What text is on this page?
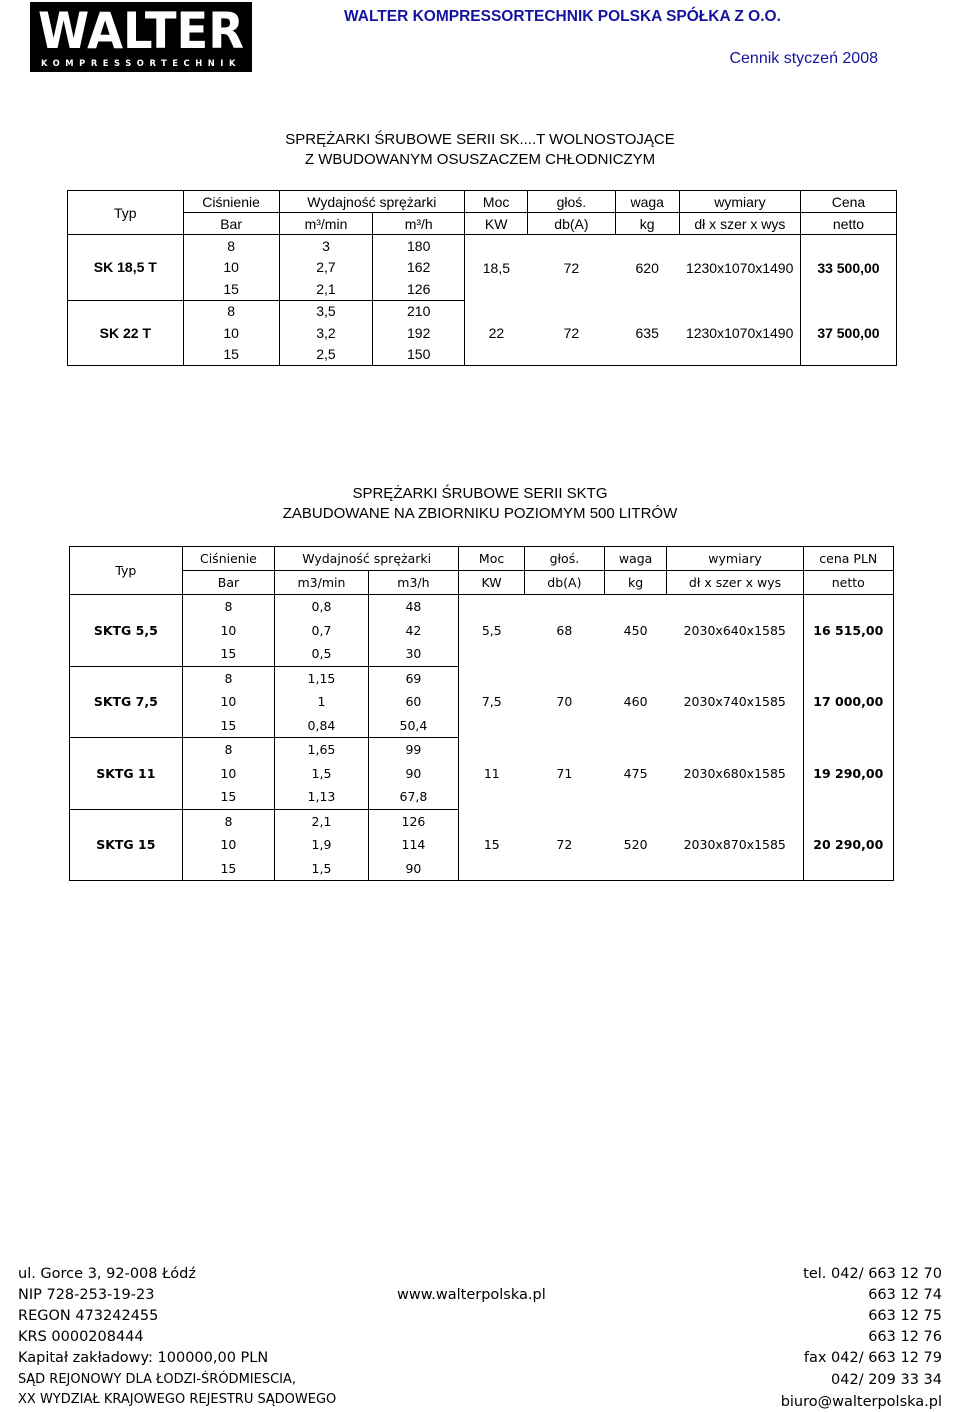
WALTER
KOMPRESSORTECHNIK
WALTER KOMPRESSORTECHNIK POLSKA SPÓŁKA Z O.O.
Cennik styczeń 2008
SPRĘŻARKI ŚRUBOWE SERII SK....T WOLNOSTOJĄCE
Z WBUDOWANYM OSUSZACZEM CHŁODNICZYM
Typ	Ciśnienie	Wydajność sprężarki		Moc	głoś.	waga	wymiary	Cena
	Bar	m³/min	m³/h	KW	db(A)	kg	dł x szer x wys	netto
SK 18,5 T	8	3	180	18,5	72	620	1230x1070x1490	33 500,00
	10	2,7	162					
	15	2,1	126					
SK 22 T	8	3,5	210	22	72	635	1230x1070x1490	37 500,00
	10	3,2	192					
	15	2,5	150					
SPRĘŻARKI ŚRUBOWE SERII SKTG
ZABUDOWANE NA ZBIORNIKU POZIOMYM 500 LITRÓW
Typ	Ciśnienie	Wydajność sprężarki		Moc	głoś.	waga	wymiary	cena PLN
	Bar	m3/min	m3/h	KW	db(A)	kg	dł x szer x wys	netto
SKTG 5,5	8	0,8	48	5,5	68	450	2030x640x1585	16 515,00
	10	0,7	42					
	15	0,5	30					
SKTG 7,5	8	1,15	69	7,5	70	460	2030x740x1585	17 000,00
	10	1	60					
	15	0,84	50,4					
SKTG 11	8	1,65	99	11	71	475	2030x680x1585	19 290,00
	10	1,5	90					
	15	1,13	67,8					
SKTG 15	8	2,1	126	15	72	520	2030x870x1585	20 290,00
	10	1,9	114					
	15	1,5	90					
ul. Gorce 3, 92-008 Łódź
NIP 728-253-19-23
REGON 473242455
KRS 0000208444
Kapitał zakładowy: 100000,00 PLN
SĄD REJONOWY DLA ŁODZI-ŚRÓDMIESCIA,
XX WYDZIAŁ KRAJOWEGO REJESTRU SĄDOWEGO
www.walterpolska.pl
tel. 042/ 663 12 70
663 12 74
663 12 75
663 12 76
fax 042/ 663 12 79
042/ 209 33 34
biuro@walterpolska.pl
